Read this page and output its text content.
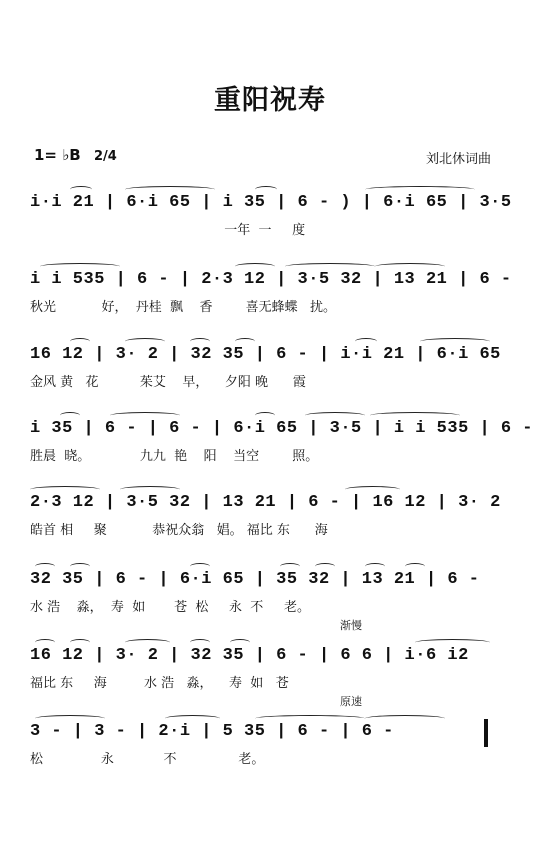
重阳祝寿
1= ♭B 2/4	刘北休词曲
i·i 21 | 6·i 65 | i 35 | 6 - ) | 6·i 65 | 3·5
一年  一     度
i i 535 | 6 - | 2·3 12 | 3·5 32 | 13 21 | 6 -
秋光           好，  丹桂  飘    香        喜无蜂蝶   扰。
16 12 | 3· 2 | 32 35 | 6 - | i·i 21 | 6·i 65
金风 黄   花          茱艾    早，    夕阳 晚      霞
i 35 | 6 - | 6 - | 6·i 65 | 3·5 | i i 535 | 6 -
胜晨  晓。            九九  艳    阳    当空        照。
2·3 12 | 3·5 32 | 13 21 | 6 - | 16 12 | 3· 2
皓首 相     聚           恭祝众翁   娼。 福比 东      海
32 35 | 6 - | 6·i 65 | 35 32 | 13 21 | 6 -
水 浩    淼，  寿  如       苍  松     永  不     老。
渐慢
16 12 | 3· 2 | 32 35 | 6 - | 6 6 | i·6 i2
福比 东     海         水 浩   淼，    寿  如   苍
原速
3 - | 3 - | 2·i | 5 35 | 6 - | 6 -
松              永            不               老。
